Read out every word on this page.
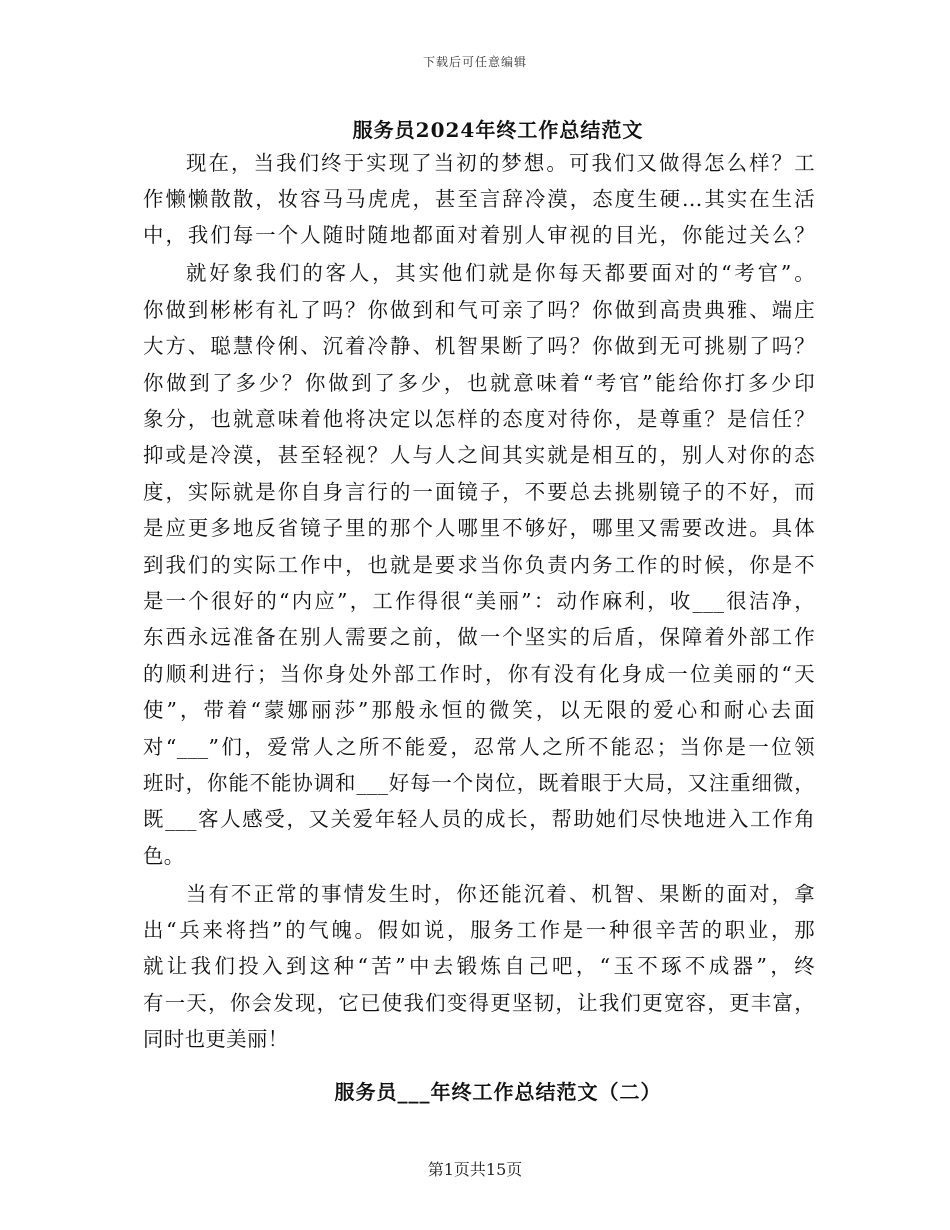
下载后可任意编辑
服务员2024年终工作总结范文
现在，当我们终于实现了当初的梦想。可我们又做得怎么样？工
作懒懒散散，妆容马马虎虎，甚至言辞冷漠，态度生硬...其实在生活
中，我们每一个人随时随地都面对着别人审视的目光，你能过关么？
就好象我们的客人，其实他们就是你每天都要面对的“考官”。
你做到彬彬有礼了吗？你做到和气可亲了吗？你做到高贵典雅、端庄
大方、聪慧伶俐、沉着冷静、机智果断了吗？你做到无可挑剔了吗？
你做到了多少？你做到了多少，也就意味着“考官”能给你打多少印
象分，也就意味着他将决定以怎样的态度对待你，是尊重？是信任？
抑或是冷漠，甚至轻视？人与人之间其实就是相互的，别人对你的态
度，实际就是你自身言行的一面镜子，不要总去挑剔镜子的不好，而
是应更多地反省镜子里的那个人哪里不够好，哪里又需要改进。具体
到我们的实际工作中，也就是要求当你负责内务工作的时候，你是不
是一个很好的“内应”，工作得很“美丽”：动作麻利，收___很洁净，
东西永远准备在别人需要之前，做一个坚实的后盾，保障着外部工作
的顺利进行；当你身处外部工作时，你有没有化身成一位美丽的“天
使”，带着“蒙娜丽莎”那般永恒的微笑，以无限的爱心和耐心去面
对“___”们，爱常人之所不能爱，忍常人之所不能忍；当你是一位领
班时，你能不能协调和___好每一个岗位，既着眼于大局，又注重细微，
既___客人感受，又关爱年轻人员的成长，帮助她们尽快地进入工作角
色。
当有不正常的事情发生时，你还能沉着、机智、果断的面对，拿
出“兵来将挡”的气魄。假如说，服务工作是一种很辛苦的职业，那
就让我们投入到这种“苦”中去锻炼自己吧，“玉不琢不成器”，终
有一天，你会发现，它已使我们变得更坚韧，让我们更宽容，更丰富，
同时也更美丽！
服务员___年终工作总结范文（二）
第1页共15页
